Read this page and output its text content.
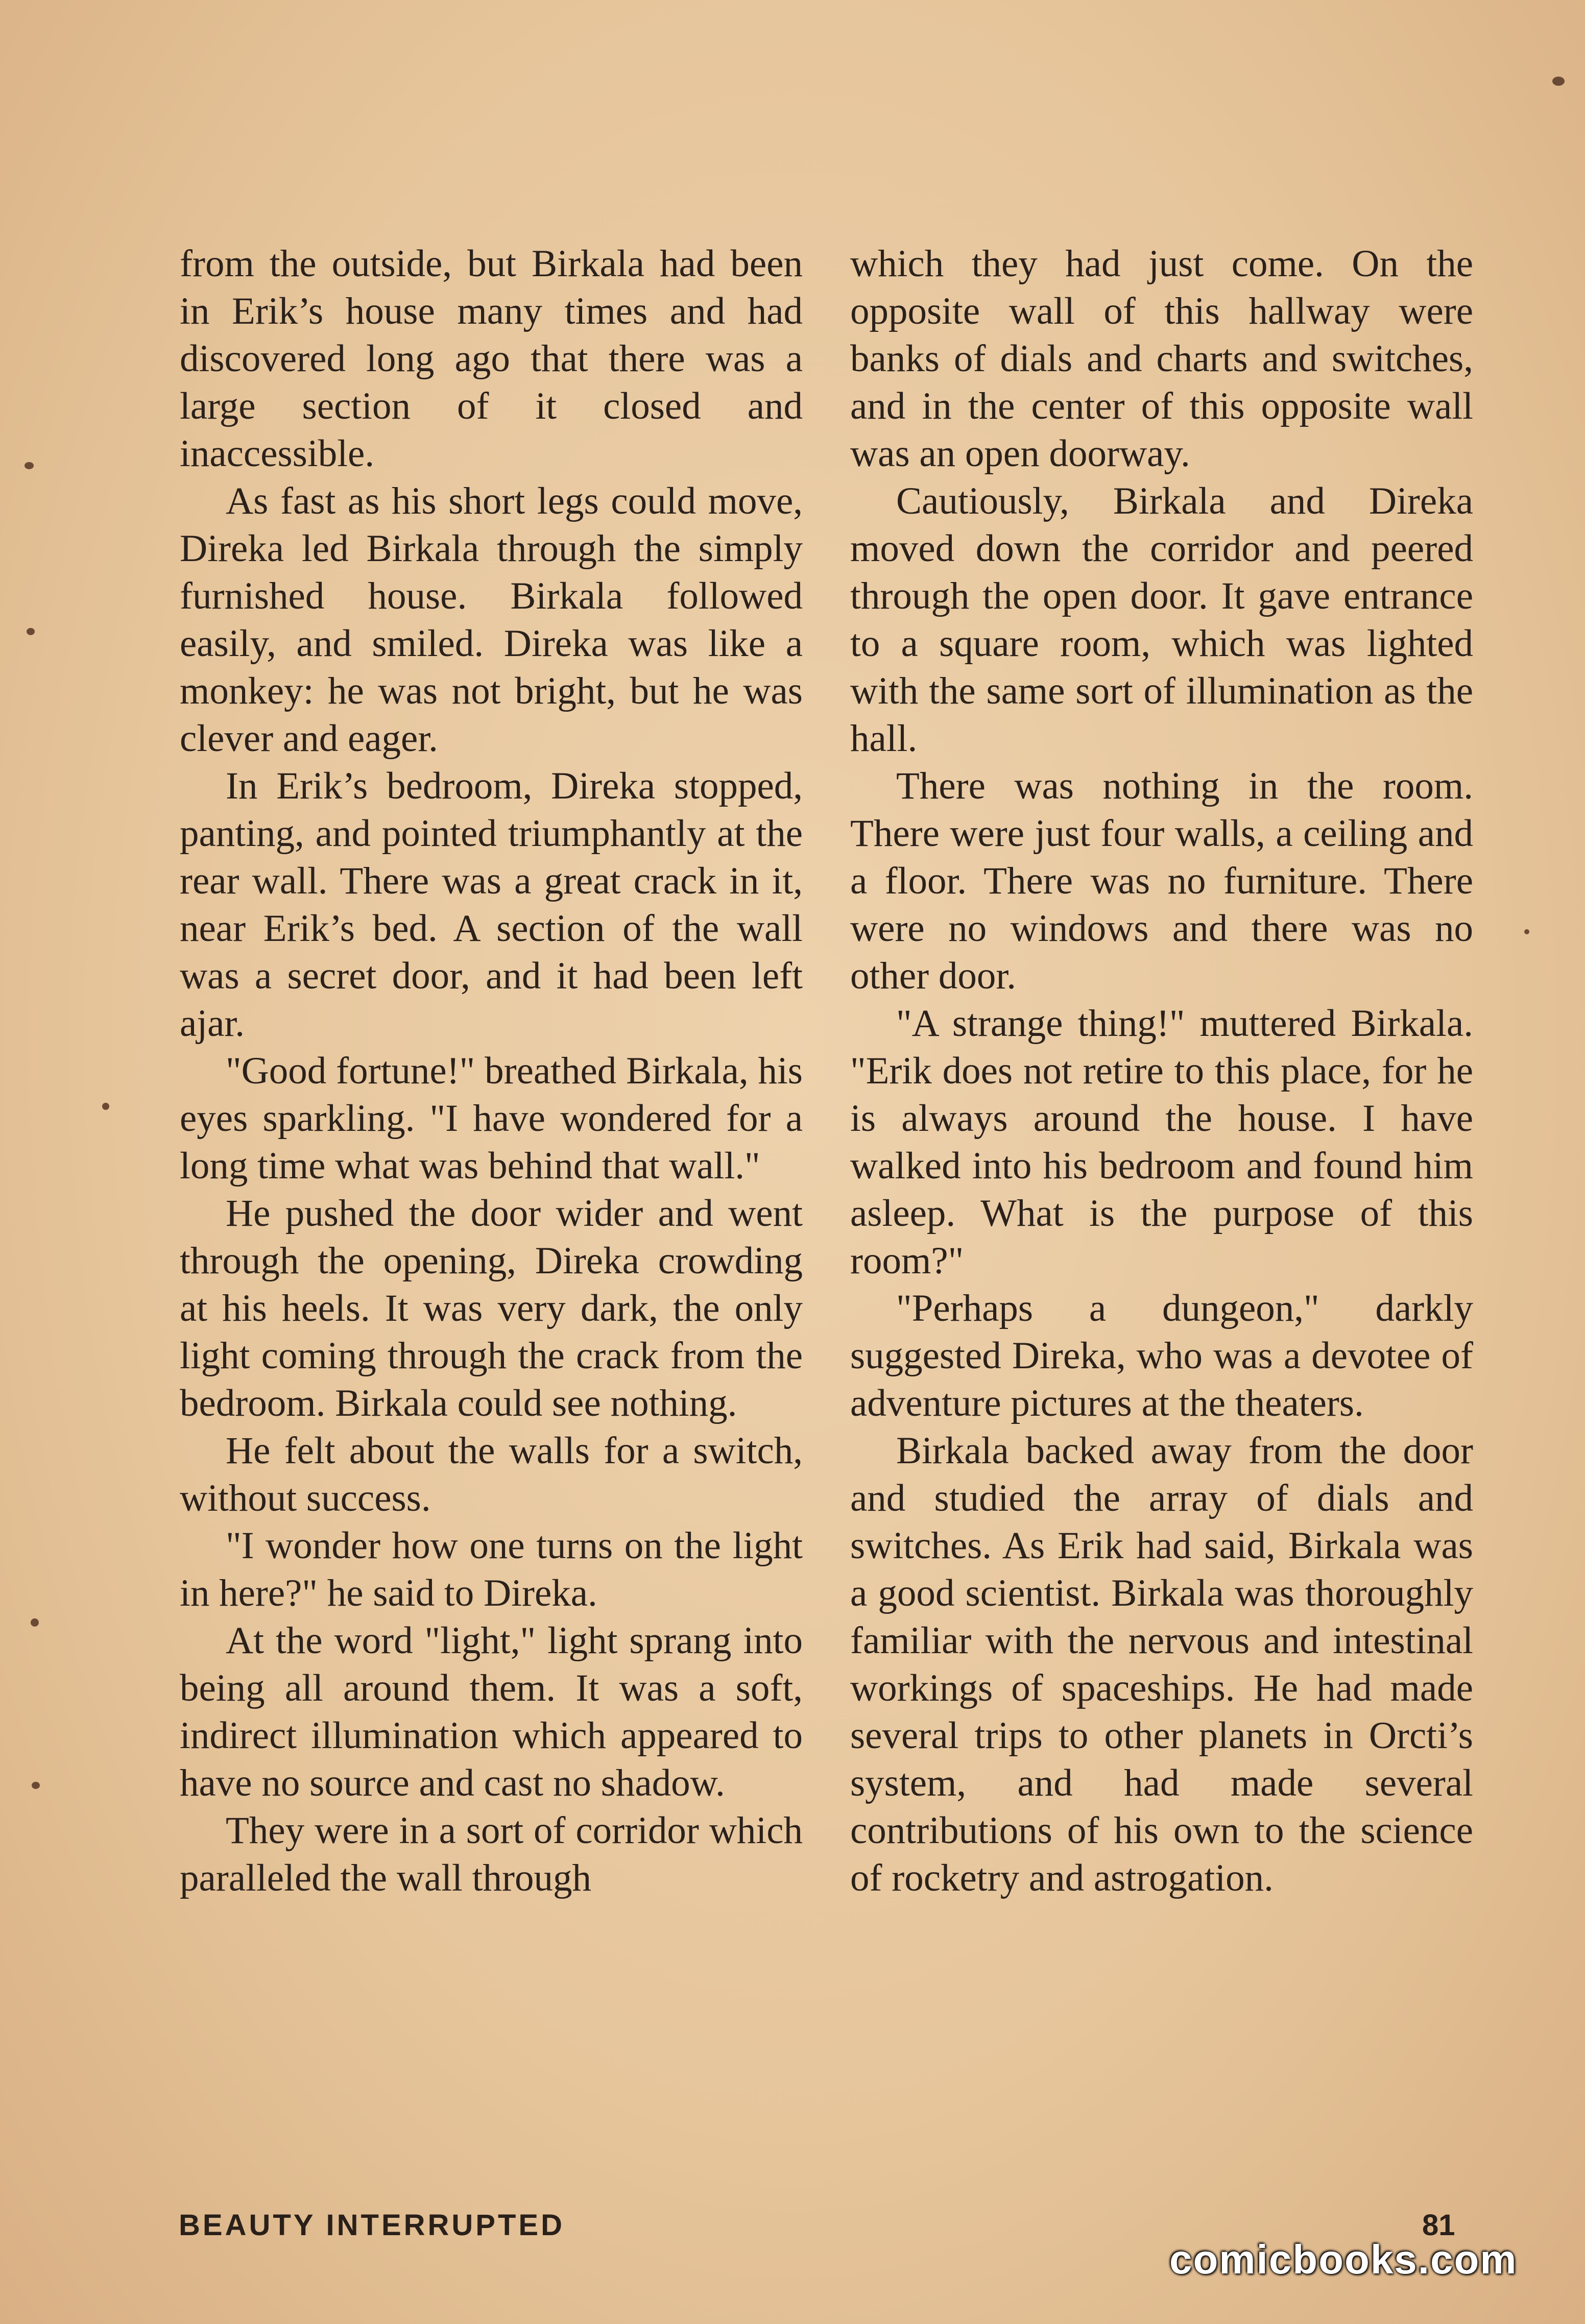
from the outside, but Birkala had been in Erik’s house many times and had discovered long ago that there was a large section of it closed and inaccessible.

As fast as his short legs could move, Direka led Birkala through the simply furnished house. Birkala followed easily, and smiled. Direka was like a monkey: he was not bright, but he was clever and eager.

In Erik’s bedroom, Direka stopped, panting, and pointed triumphantly at the rear wall. There was a great crack in it, near Erik’s bed. A section of the wall was a secret door, and it had been left ajar.

"Good fortune!" breathed Birkala, his eyes sparkling. "I have wondered for a long time what was behind that wall."

He pushed the door wider and went through the opening, Direka crowding at his heels. It was very dark, the only light coming through the crack from the bedroom. Birkala could see nothing.

He felt about the walls for a switch, without success.

"I wonder how one turns on the light in here?" he said to Direka.

At the word "light," light sprang into being all around them. It was a soft, indirect illumination which appeared to have no source and cast no shadow.

They were in a sort of corridor which paralleled the wall through

which they had just come. On the opposite wall of this hallway were banks of dials and charts and switches, and in the center of this opposite wall was an open doorway.

Cautiously, Birkala and Direka moved down the corridor and peered through the open door. It gave entrance to a square room, which was lighted with the same sort of illumination as the hall.

There was nothing in the room. There were just four walls, a ceiling and a floor. There was no furniture. There were no windows and there was no other door.

"A strange thing!" muttered Birkala. "Erik does not retire to this place, for he is always around the house. I have walked into his bedroom and found him asleep. What is the purpose of this room?"

"Perhaps a dungeon," darkly suggested Direka, who was a devotee of adventure pictures at the theaters.

Birkala backed away from the door and studied the array of dials and switches. As Erik had said, Birkala was a good scientist. Birkala was thoroughly familiar with the nervous and intestinal workings of spaceships. He had made several trips to other planets in Orcti’s system, and had made several contributions of his own to the science of rocketry and astrogation.

BEAUTY INTERRUPTED	81
comicbooks.com
